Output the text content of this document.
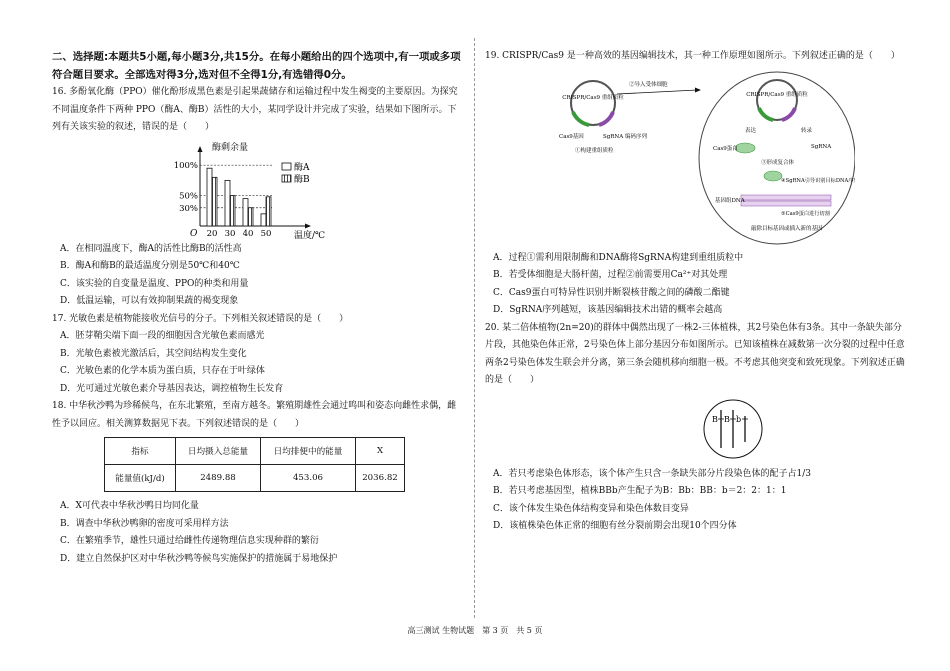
二、选择题:本题共5小题,每小题3分,共15分。在每小题给出的四个选项中,有一项或多项符合题目要求。全部选对得3分,选对但不全得1分,有选错得0分。

16. 多酚氧化酶（PPO）催化酚形成黑色素是引起果蔬储存和运输过程中发生褐变的主要原因。为探究不同温度条件下两种 PPO（酶A、酶B）活性的大小，某同学设计并完成了实验，结果如下图所示。下列有关该实验的叙述，错误的是（　　）

酶剩余量
O	温度/℃
100%
50%
30%
20 30 40 50
酶A
酶B

A．在相同温度下，酶A的活性比酶B的活性高

B．酶A和酶B的最适温度分别是50℃和40℃

C．该实验的自变量是温度、PPO的种类和用量

D．低温运输，可以有效抑制果蔬的褐变现象

17. 光敏色素是植物能接收光信号的分子。下列相关叙述错误的是（　　）

A．胚芽鞘尖端下面一段的细胞因含光敏色素而感光

B．光敏色素被光激活后，其空间结构发生变化

C．光敏色素的化学本质为蛋白质，只存在于叶绿体

D．光可通过光敏色素介导基因表达，调控植物生长发育

18. 中华秋沙鸭为珍稀候鸟，在东北繁殖，至南方越冬。繁殖期雄性会通过鸣叫和姿态向雌性求偶，雌性予以回应。相关测算数据见下表。下列叙述错误的是（　　）

指标	日均摄入总能量	日均排便中的能量	X
能量值(kJ/d)	2489.88	453.06	2036.82

A．X可代表中华秋沙鸭日均同化量

B．调查中华秋沙鸭卵的密度可采用样方法

C．在繁殖季节，雄性只通过给雌性传递物理信息实现种群的繁衍

D．建立自然保护区对中华秋沙鸭等候鸟实施保护的措施属于易地保护

19. CRISPR/Cas9 是一种高效的基因编辑技术，其一种工作原理如图所示。下列叙述正确的是（　　）

CRISPR/Cas9 重组质粒
Cas9基因	SgRNA 编码序列
①构建重组质粒
②导入受体细胞
CRISPR/Cas9 重组质粒
表达	转录
Cas9蛋白	SgRNA
③形成复合体
④SgRNA引导识别目标DNA序列
基因组DNA
⑤Cas9蛋白进行切割
敲除目标基因或插入新的基因

A．过程①需利用限制酶和DNA酶将SgRNA构建到重组质粒中

B．若受体细胞是大肠杆菌，过程②前需要用Ca²⁺对其处理

C．Cas9蛋白可特异性识别并断裂核苷酸之间的磷酸二酯键

D．SgRNA序列越短，该基因编辑技术出错的概率会越高

20. 某二倍体植物(2n=20)的群体中偶然出现了一株2-三体植株，其2号染色体有3条。其中一条缺失部分片段，其他染色体正常，2号染色体上部分基因分布如图所示。已知该植株在减数第一次分裂的过程中任意两条2号染色体发生联会并分离，第三条会随机移向细胞一极。不考虑其他突变和致死现象。下列叙述正确的是（　　）

B B b

A．若只考虑染色体形态，该个体产生只含一条缺失部分片段染色体的配子占1/3

B．若只考虑基因型，植株BBb产生配子为B：Bb：BB：b＝2：2：1：1

C．该个体发生染色体结构变异和染色体数目变异

D．该植株染色体正常的细胞有丝分裂前期会出现10个四分体

高三测试 生物试题　第 3 页　共 5 页
